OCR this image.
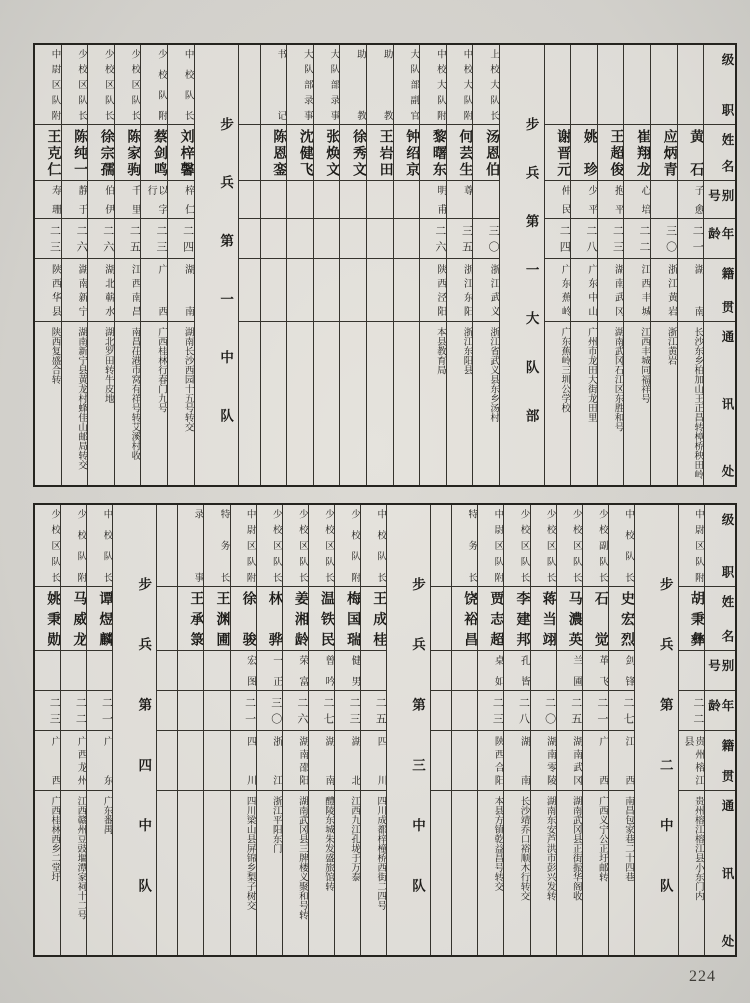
级职
姓名
别号
年龄
籍贯
通讯处
黄石
子愈
二一
湖南
长沙东乡柏加山王正昌转樟桥秧田岭
应炳青
三〇
浙江黄岩
浙江黄岩
崔翔龙
心培
二二
江西丰城
江西丰城同福祥号
王超俊
抱平
二三
湖南武冈
湖南武冈石江区东胜和号
姚珍
少平
二八
广东中山
广州市龙田大街龙田里
谢晋元
仲民
二四
广东蕉岭
广东蕉岭三圳公学校
步兵第一大队部
上校大队长
汤恩伯
三〇
浙江武义
浙江省武义县东乡汤村
中校大队附
何芸生
尊
三五
浙江东阳
浙江东阳县
中校大队附
黎曙东
明甫
二六
陕西泾阳
本县教育局
大队部副官
钟绍京
助教
王岩田
助教
徐秀文
大队部录事
张焕文
大队部录事
沈健飞
书记
陈恩銮
步兵第一中队
中校队长
刘梓馨
梓仁
二四
湖南
湖南长沙西园十五号转交
少校队附
蔡剑鸣
以字行
二三
广西
广西桂林行春门九号
少校区队长
陈家驹
千里
二五
江西南昌
南昌茌港市窝有祥号转艾溪村收
少校区队长
徐宗孺
伯伊
二六
湖北蕲水
湖北罗田转牛皮地
少校区队长
陈纯一
静于
二六
湖南新宁
湖南新宁县黄龙村蜂佳山邮局转交
中尉区队附
王克仁
寿珊
二三
陕西华县
陕西复盛合转
级职
姓名
别号
年龄
籍贯
通讯处
中尉区队附
胡秉彝
二二
贵州榕江县
贵州榕江榕江县小东门内
步兵第二中队
中校队长
史宏烈
剑锋
二七
江西
南昌包家巷二十四巷
少校副队长
石觉
革飞
二一
广西
广西义宁公正圩邮转
少校区队长
马濃英
兰圃
二五
湖南武冈
湖南武冈县正街振华阁收
少校区队长
蒋当翊
二〇
湖南零陵
湖南东安芦洪市彭兴发转
少校区队长
李建邦
孔皆
二八
湖南
长沙靖乔口裕顺木行转交
中尉区队附
贾志超
桌如
二三
陕西合阳
本县方镇乾益昌号转交
特务长
饶裕昌
步兵第三中队
中校队长
王成桂
二五
四川
四川成都梓橦桥西街二四号
少校队附
梅国瑞
健男
二三
湖北
江西九江孔垅于万泰
少校区队长
温铁民
曾吟
二七
湖南
醴陵东城朱发盛旅馆转
少校区队长
姜湘龄
荣富
二六
湖南邵阳
湖南武冈县三牌楼义聚和号转
少校区队长
林骅
一正
三〇
浙江
浙江平阳东门
中尉区队附
徐骏
宏图
二一
四川
四川梁山县屏锦乡梨子树交
特务长
王渊圃
录事
王承箓
步兵第四中队
中校队长
谭煜麟
二一
广东
广东番禺
少校队附
马威龙
二二
广西龙州
江西赣州豆豉塸潭家祠十二号
少校区队长
姚秉勋
二三
广西
广西桂林西乡二堂圩
224
